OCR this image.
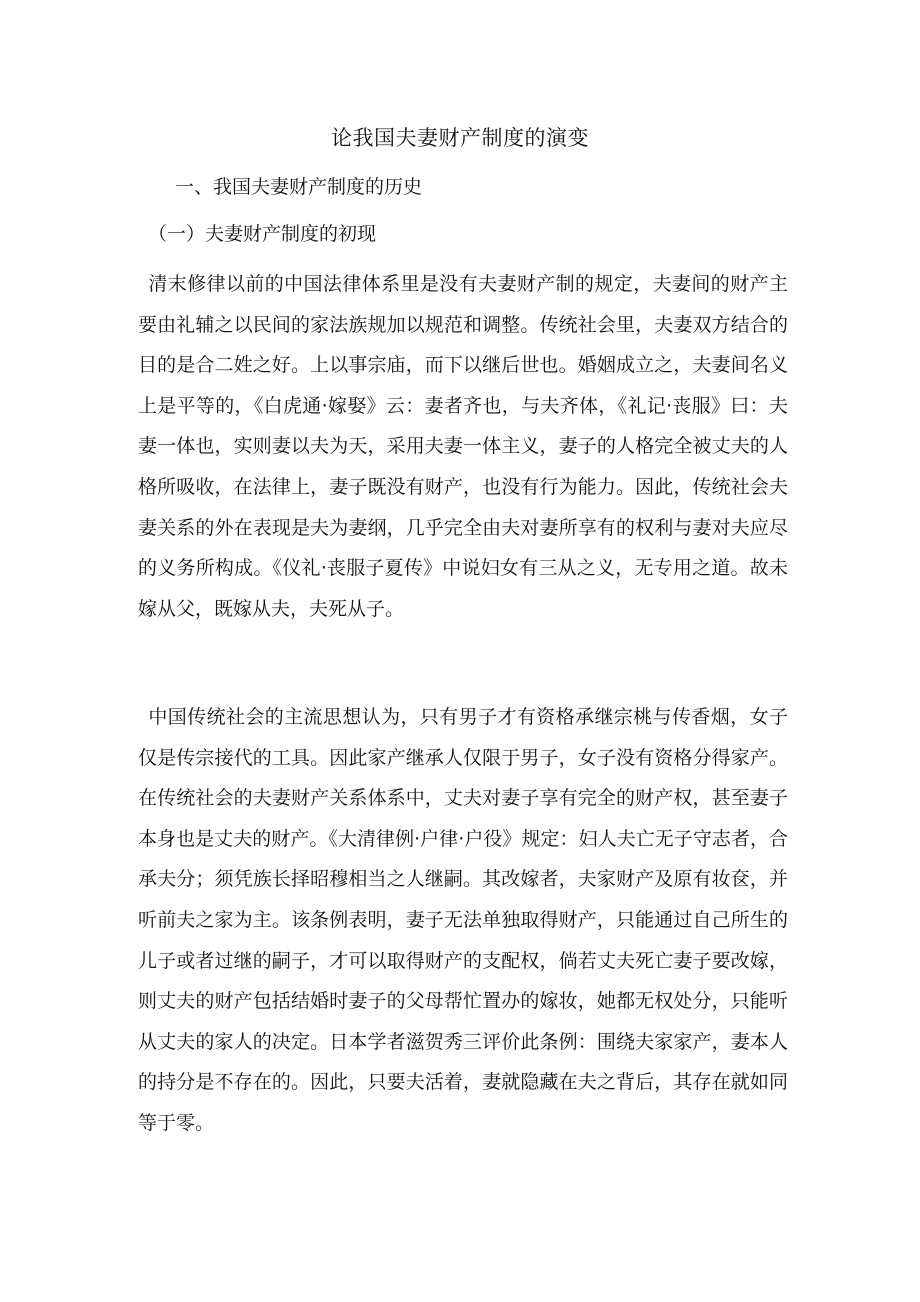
论我国夫妻财产制度的演变
一、我国夫妻财产制度的历史
（一）夫妻财产制度的初现
清末修律以前的中国法律体系里是没有夫妻财产制的规定，夫妻间的财产主要由礼辅之以民间的家法族规加以规范和调整。传统社会里，夫妻双方结合的目的是合二姓之好。上以事宗庙，而下以继后世也。婚姻成立之，夫妻间名义上是平等的，《白虎通·嫁娶》云：妻者齐也，与夫齐体，《礼记·丧服》曰：夫妻一体也，实则妻以夫为天，采用夫妻一体主义，妻子的人格完全被丈夫的人格所吸收，在法律上，妻子既没有财产，也没有行为能力。因此，传统社会夫妻关系的外在表现是夫为妻纲，几乎完全由夫对妻所享有的权利与妻对夫应尽的义务所构成。《仪礼·丧服子夏传》中说妇女有三从之义，无专用之道。故未嫁从父，既嫁从夫，夫死从子。
中国传统社会的主流思想认为，只有男子才有资格承继宗桃与传香烟，女子仅是传宗接代的工具。因此家产继承人仅限于男子，女子没有资格分得家产。在传统社会的夫妻财产关系体系中，丈夫对妻子享有完全的财产权，甚至妻子本身也是丈夫的财产。《大清律例·户律·户役》规定：妇人夫亡无子守志者，合承夫分；须凭族长择昭穆相当之人继嗣。其改嫁者，夫家财产及原有妆奁，并听前夫之家为主。该条例表明，妻子无法单独取得财产，只能通过自己所生的儿子或者过继的嗣子，才可以取得财产的支配权，倘若丈夫死亡妻子要改嫁，则丈夫的财产包括结婚时妻子的父母帮忙置办的嫁妆，她都无权处分，只能听从丈夫的家人的决定。日本学者滋贺秀三评价此条例：围绕夫家家产，妻本人的持分是不存在的。因此，只要夫活着，妻就隐藏在夫之背后，其存在就如同等于零。
